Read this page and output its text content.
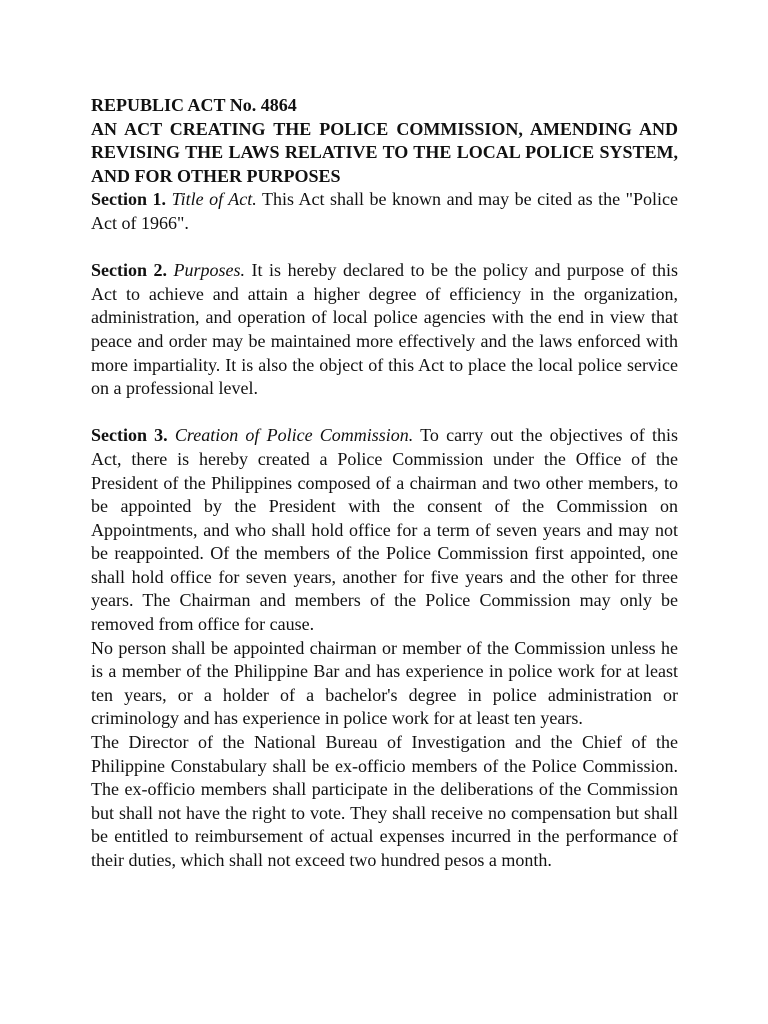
REPUBLIC ACT No. 4864

AN ACT CREATING THE POLICE COMMISSION, AMENDING AND REVISING THE LAWS RELATIVE TO THE LOCAL POLICE SYSTEM, AND FOR OTHER PURPOSES

Section 1. Title of Act. This Act shall be known and may be cited as the "Police Act of 1966".

Section 2. Purposes. It is hereby declared to be the policy and purpose of this Act to achieve and attain a higher degree of efficiency in the organization, administration, and operation of local police agencies with the end in view that peace and order may be maintained more effectively and the laws enforced with more impartiality. It is also the object of this Act to place the local police service on a professional level.

Section 3. Creation of Police Commission. To carry out the objectives of this Act, there is hereby created a Police Commission under the Office of the President of the Philippines composed of a chairman and two other members, to be appointed by the President with the consent of the Commission on Appointments, and who shall hold office for a term of seven years and may not be reappointed. Of the members of the Police Commission first appointed, one shall hold office for seven years, another for five years and the other for three years. The Chairman and members of the Police Commission may only be removed from office for cause.

No person shall be appointed chairman or member of the Commission unless he is a member of the Philippine Bar and has experience in police work for at least ten years, or a holder of a bachelor's degree in police administration or criminology and has experience in police work for at least ten years.

The Director of the National Bureau of Investigation and the Chief of the Philippine Constabulary shall be ex-officio members of the Police Commission. The ex-officio members shall participate in the deliberations of the Commission but shall not have the right to vote. They shall receive no compensation but shall be entitled to reimbursement of actual expenses incurred in the performance of their duties, which shall not exceed two hundred pesos a month.
